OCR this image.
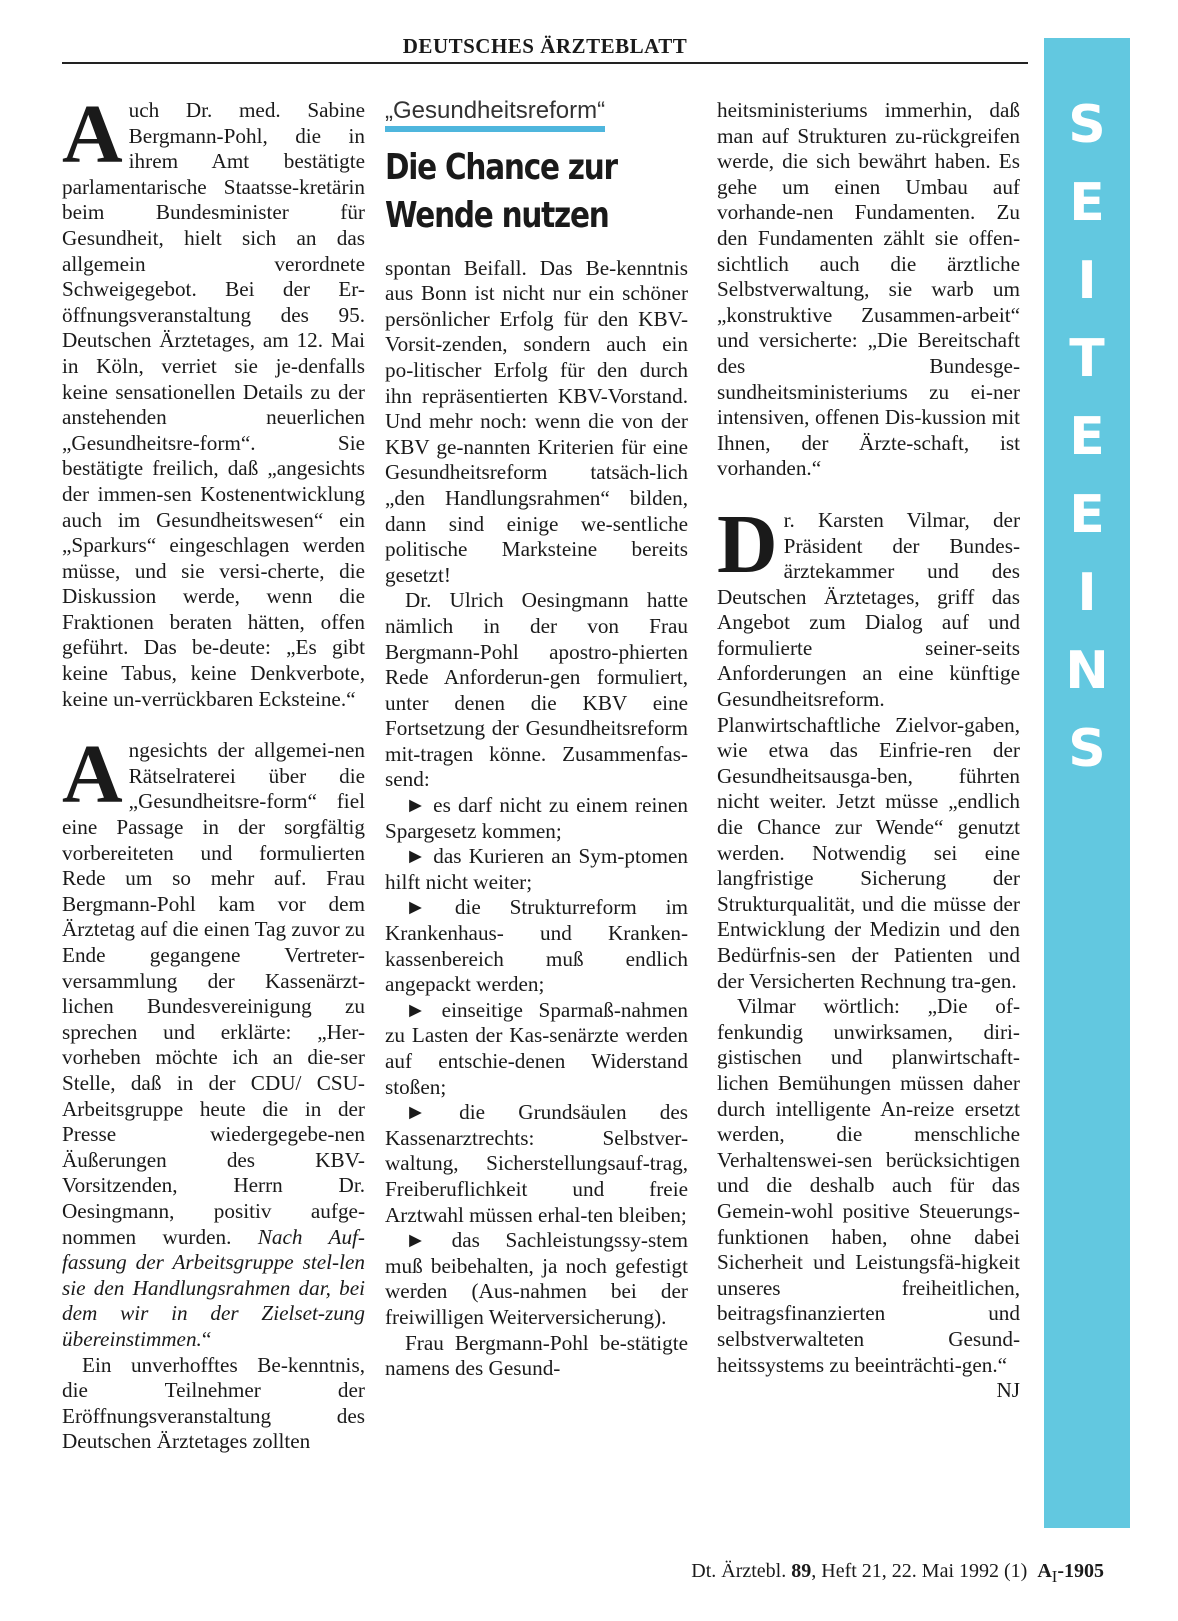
DEUTSCHES ÄRZTEBLATT
S
E
I
T
E
E
I
N
S

Auch Dr. med. Sabine Bergmann-Pohl, die in ihrem Amt bestätigte parlamentarische Staatsse-kretärin beim Bundesminister für Gesundheit, hielt sich an das allgemein verordnete Schweigegebot. Bei der Er-öffnungsveranstaltung des 95. Deutschen Ärztetages, am 12. Mai in Köln, verriet sie je-denfalls keine sensationellen Details zu der anstehenden neuerlichen „Gesundheitsre-form“. Sie bestätigte freilich, daß „angesichts der immen-sen Kostenentwicklung auch im Gesundheitswesen“ ein „Sparkurs“ eingeschlagen werden müsse, und sie versi-cherte, die Diskussion werde, wenn die Fraktionen beraten hätten, offen geführt. Das be-deute: „Es gibt keine Tabus, keine Denkverbote, keine un-verrückbaren Ecksteine.“

Angesichts der allgemei-nen Rätselraterei über die „Gesundheitsre-form“ fiel eine Passage in der sorgfältig vorbereiteten und formulierten Rede um so mehr auf. Frau Bergmann-Pohl kam vor dem Ärztetag auf die einen Tag zuvor zu Ende gegangene Vertreter-versammlung der Kassenärzt-lichen Bundesvereinigung zu sprechen und erklärte: „Her-vorheben möchte ich an die-ser Stelle, daß in der CDU/ CSU-Arbeitsgruppe heute die in der Presse wiedergegebe-nen Äußerungen des KBV-Vorsitzenden, Herrn Dr. Oesingmann, positiv aufge-nommen wurden. Nach Auf-fassung der Arbeitsgruppe stel-len sie den Handlungsrahmen dar, bei dem wir in der Zielset-zung übereinstimmen.“

Ein unverhofftes Be-kenntnis, die Teilnehmer der Eröffnungsveranstaltung des Deutschen Ärztetages zollten

„Gesundheitsreform“
Die Chance zur
Wende nutzen

spontan Beifall. Das Be-kenntnis aus Bonn ist nicht nur ein schöner persönlicher Erfolg für den KBV-Vorsit-zenden, sondern auch ein po-litischer Erfolg für den durch ihn repräsentierten KBV-Vorstand. Und mehr noch: wenn die von der KBV ge-nannten Kriterien für eine Gesundheitsreform tatsäch-lich „den Handlungsrahmen“ bilden, dann sind einige we-sentliche politische Marksteine bereits gesetzt!

Dr. Ulrich Oesingmann hatte nämlich in der von Frau Bergmann-Pohl apostro-phierten Rede Anforderun-gen formuliert, unter denen die KBV eine Fortsetzung der Gesundheitsreform mit-tragen könne. Zusammenfas-send:

► es darf nicht zu einem reinen Spargesetz kommen;

► das Kurieren an Sym-ptomen hilft nicht weiter;

► die Strukturreform im Krankenhaus- und Kranken-kassenbereich muß endlich angepackt werden;

► einseitige Sparmaß-nahmen zu Lasten der Kas-senärzte werden auf entschie-denen Widerstand stoßen;

► die Grundsäulen des Kassenarztrechts: Selbstver-waltung, Sicherstellungsauf-trag, Freiberuflichkeit und freie Arztwahl müssen erhal-ten bleiben;

► das Sachleistungssy-stem muß beibehalten, ja noch gefestigt werden (Aus-nahmen bei der freiwilligen Weiterversicherung).

Frau Bergmann-Pohl be-stätigte namens des Gesund-

heitsministeriums immerhin, daß man auf Strukturen zu-rückgreifen werde, die sich bewährt haben. Es gehe um einen Umbau auf vorhande-nen Fundamenten. Zu den Fundamenten zählt sie offen-sichtlich auch die ärztliche Selbstverwaltung, sie warb um „konstruktive Zusammen-arbeit“ und versicherte: „Die Bereitschaft des Bundesge-sundheitsministeriums zu ei-ner intensiven, offenen Dis-kussion mit Ihnen, der Ärzte-schaft, ist vorhanden.“

Dr. Karsten Vilmar, der Präsident der Bundes-ärztekammer und des Deutschen Ärztetages, griff das Angebot zum Dialog auf und formulierte seiner-seits Anforderungen an eine künftige Gesundheitsreform. Planwirtschaftliche Zielvor-gaben, wie etwa das Einfrie-ren der Gesundheitsausga-ben, führten nicht weiter. Jetzt müsse „endlich die Chance zur Wende“ genutzt werden. Notwendig sei eine langfristige Sicherung der Strukturqualität, und die müsse der Entwicklung der Medizin und den Bedürfnis-sen der Patienten und der Versicherten Rechnung tra-gen.

Vilmar wörtlich: „Die of-fenkundig unwirksamen, diri-gistischen und planwirtschaft-lichen Bemühungen müssen daher durch intelligente An-reize ersetzt werden, die menschliche Verhaltenswei-sen berücksichtigen und die deshalb auch für das Gemein-wohl positive Steuerungs-funktionen haben, ohne dabei Sicherheit und Leistungsfä-higkeit unseres freiheitlichen, beitragsfinanzierten und selbstverwalteten Gesund-heitssystems zu beeinträchti-gen.“

NJ

Dt. Ärztebl. 89, Heft 21, 22. Mai 1992 (1) $A_I-1905$
